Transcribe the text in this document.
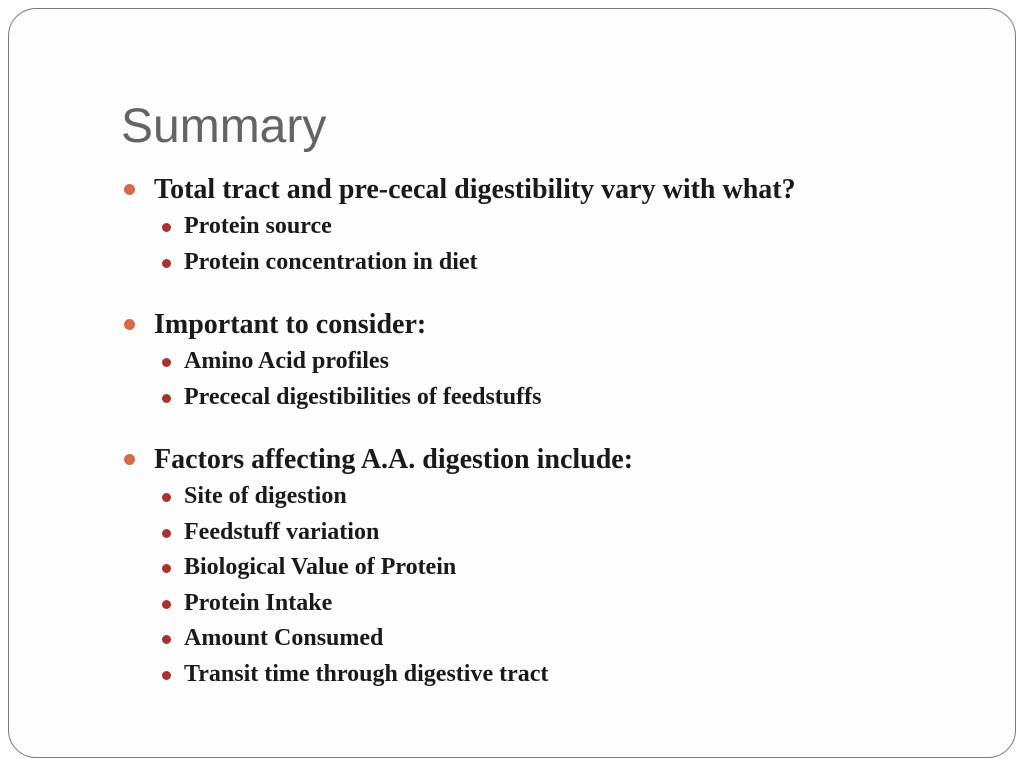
Summary
Total tract and pre-cecal digestibility vary with what?
Protein source
Protein concentration in diet
Important to consider:
Amino Acid profiles
Prececal digestibilities of feedstuffs
Factors affecting A.A. digestion include:
Site of digestion
Feedstuff variation
Biological Value of Protein
Protein Intake
Amount Consumed
Transit time through digestive tract
